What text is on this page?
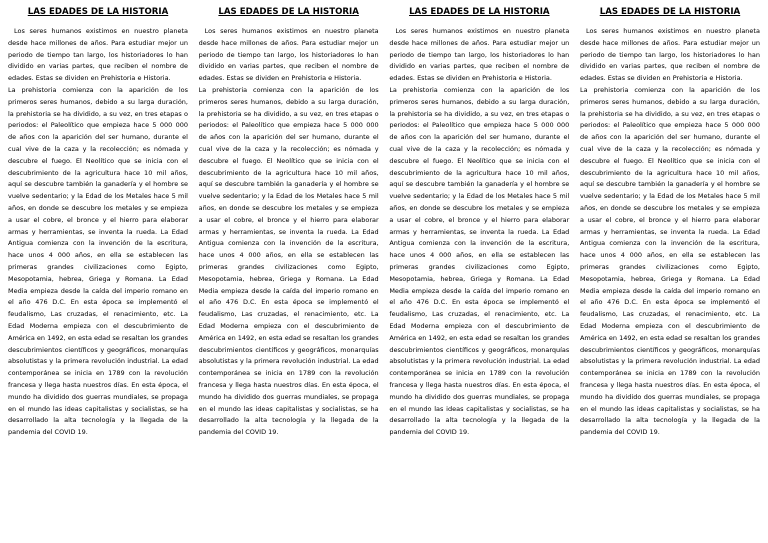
LAS EDADES DE LA HISTORIA

Los seres humanos existimos en nuestro planeta desde hace millones de años. Para estudiar mejor un periodo de tiempo tan largo, los historiadores lo han dividido en varias partes, que reciben el nombre de edades. Estas se dividen en Prehistoria e Historia.

La prehistoria comienza con la aparición de los primeros seres humanos, debido a su larga duración, la prehistoria se ha dividido, a su vez, en tres etapas o periodos: el Paleolítico que empieza hace 5 000 000 de años con la aparición del ser humano, durante el cual vive de la caza y la recolección; es nómada y descubre el fuego. El Neolítico que se inicia con el descubrimiento de la agricultura hace 10 mil años, aquí se descubre también la ganadería y el hombre se vuelve sedentario; y la Edad de los Metales hace 5 mil años, en donde se descubre los metales y se empieza a usar el cobre, el bronce y el hierro para elaborar armas y herramientas, se inventa la rueda. La Edad Antigua comienza con la invención de la escritura, hace unos 4 000 años, en ella se establecen las primeras grandes civilizaciones como Egipto, Mesopotamia, hebrea, Griega y Romana. La Edad Media empieza desde la caída del imperio romano en el año 476 D.C. En esta época se implementó el feudalismo, Las cruzadas, el renacimiento, etc. La Edad Moderna empieza con el descubrimiento de América en 1492, en esta edad se resaltan los grandes descubrimientos científicos y geográficos, monarquías absolutistas y la primera revolución industrial. La edad contemporánea se inicia en 1789 con la revolución francesa y llega hasta nuestros días. En esta época, el mundo ha dividido dos guerras mundiales, se propaga en el mundo las ideas capitalistas y socialistas, se ha desarrollado la alta tecnología y la llegada de la pandemia del COVID 19.

LAS EDADES DE LA HISTORIA

Los seres humanos existimos en nuestro planeta desde hace millones de años. Para estudiar mejor un periodo de tiempo tan largo, los historiadores lo han dividido en varias partes, que reciben el nombre de edades. Estas se dividen en Prehistoria e Historia.

La prehistoria comienza con la aparición de los primeros seres humanos, debido a su larga duración, la prehistoria se ha dividido, a su vez, en tres etapas o periodos: el Paleolítico que empieza hace 5 000 000 de años con la aparición del ser humano, durante el cual vive de la caza y la recolección; es nómada y descubre el fuego. El Neolítico que se inicia con el descubrimiento de la agricultura hace 10 mil años, aquí se descubre también la ganadería y el hombre se vuelve sedentario; y la Edad de los Metales hace 5 mil años, en donde se descubre los metales y se empieza a usar el cobre, el bronce y el hierro para elaborar armas y herramientas, se inventa la rueda. La Edad Antigua comienza con la invención de la escritura, hace unos 4 000 años, en ella se establecen las primeras grandes civilizaciones como Egipto, Mesopotamia, hebrea, Griega y Romana. La Edad Media empieza desde la caída del imperio romano en el año 476 D.C. En esta época se implementó el feudalismo, Las cruzadas, el renacimiento, etc. La Edad Moderna empieza con el descubrimiento de América en 1492, en esta edad se resaltan los grandes descubrimientos científicos y geográficos, monarquías absolutistas y la primera revolución industrial. La edad contemporánea se inicia en 1789 con la revolución francesa y llega hasta nuestros días. En esta época, el mundo ha dividido dos guerras mundiales, se propaga en el mundo las ideas capitalistas y socialistas, se ha desarrollado la alta tecnología y la llegada de la pandemia del COVID 19.

LAS EDADES DE LA HISTORIA

Los seres humanos existimos en nuestro planeta desde hace millones de años. Para estudiar mejor un periodo de tiempo tan largo, los historiadores lo han dividido en varias partes, que reciben el nombre de edades. Estas se dividen en Prehistoria e Historia.

La prehistoria comienza con la aparición de los primeros seres humanos, debido a su larga duración, la prehistoria se ha dividido, a su vez, en tres etapas o periodos: el Paleolítico que empieza hace 5 000 000 de años con la aparición del ser humano, durante el cual vive de la caza y la recolección; es nómada y descubre el fuego. El Neolítico que se inicia con el descubrimiento de la agricultura hace 10 mil años, aquí se descubre también la ganadería y el hombre se vuelve sedentario; y la Edad de los Metales hace 5 mil años, en donde se descubre los metales y se empieza a usar el cobre, el bronce y el hierro para elaborar armas y herramientas, se inventa la rueda. La Edad Antigua comienza con la invención de la escritura, hace unos 4 000 años, en ella se establecen las primeras grandes civilizaciones como Egipto, Mesopotamia, hebrea, Griega y Romana. La Edad Media empieza desde la caída del imperio romano en el año 476 D.C. En esta época se implementó el feudalismo, Las cruzadas, el renacimiento, etc. La Edad Moderna empieza con el descubrimiento de América en 1492, en esta edad se resaltan los grandes descubrimientos científicos y geográficos, monarquías absolutistas y la primera revolución industrial. La edad contemporánea se inicia en 1789 con la revolución francesa y llega hasta nuestros días. En esta época, el mundo ha dividido dos guerras mundiales, se propaga en el mundo las ideas capitalistas y socialistas, se ha desarrollado la alta tecnología y la llegada de la pandemia del COVID 19.

LAS EDADES DE LA HISTORIA

Los seres humanos existimos en nuestro planeta desde hace millones de años. Para estudiar mejor un periodo de tiempo tan largo, los historiadores lo han dividido en varias partes, que reciben el nombre de edades. Estas se dividen en Prehistoria e Historia.

La prehistoria comienza con la aparición de los primeros seres humanos, debido a su larga duración, la prehistoria se ha dividido, a su vez, en tres etapas o periodos: el Paleolítico que empieza hace 5 000 000 de años con la aparición del ser humano, durante el cual vive de la caza y la recolección; es nómada y descubre el fuego. El Neolítico que se inicia con el descubrimiento de la agricultura hace 10 mil años, aquí se descubre también la ganadería y el hombre se vuelve sedentario; y la Edad de los Metales hace 5 mil años, en donde se descubre los metales y se empieza a usar el cobre, el bronce y el hierro para elaborar armas y herramientas, se inventa la rueda. La Edad Antigua comienza con la invención de la escritura, hace unos 4 000 años, en ella se establecen las primeras grandes civilizaciones como Egipto, Mesopotamia, hebrea, Griega y Romana. La Edad Media empieza desde la caída del imperio romano en el año 476 D.C. En esta época se implementó el feudalismo, Las cruzadas, el renacimiento, etc. La Edad Moderna empieza con el descubrimiento de América en 1492, en esta edad se resaltan los grandes descubrimientos científicos y geográficos, monarquías absolutistas y la primera revolución industrial. La edad contemporánea se inicia en 1789 con la revolución francesa y llega hasta nuestros días. En esta época, el mundo ha dividido dos guerras mundiales, se propaga en el mundo las ideas capitalistas y socialistas, se ha desarrollado la alta tecnología y la llegada de la pandemia del COVID 19.
